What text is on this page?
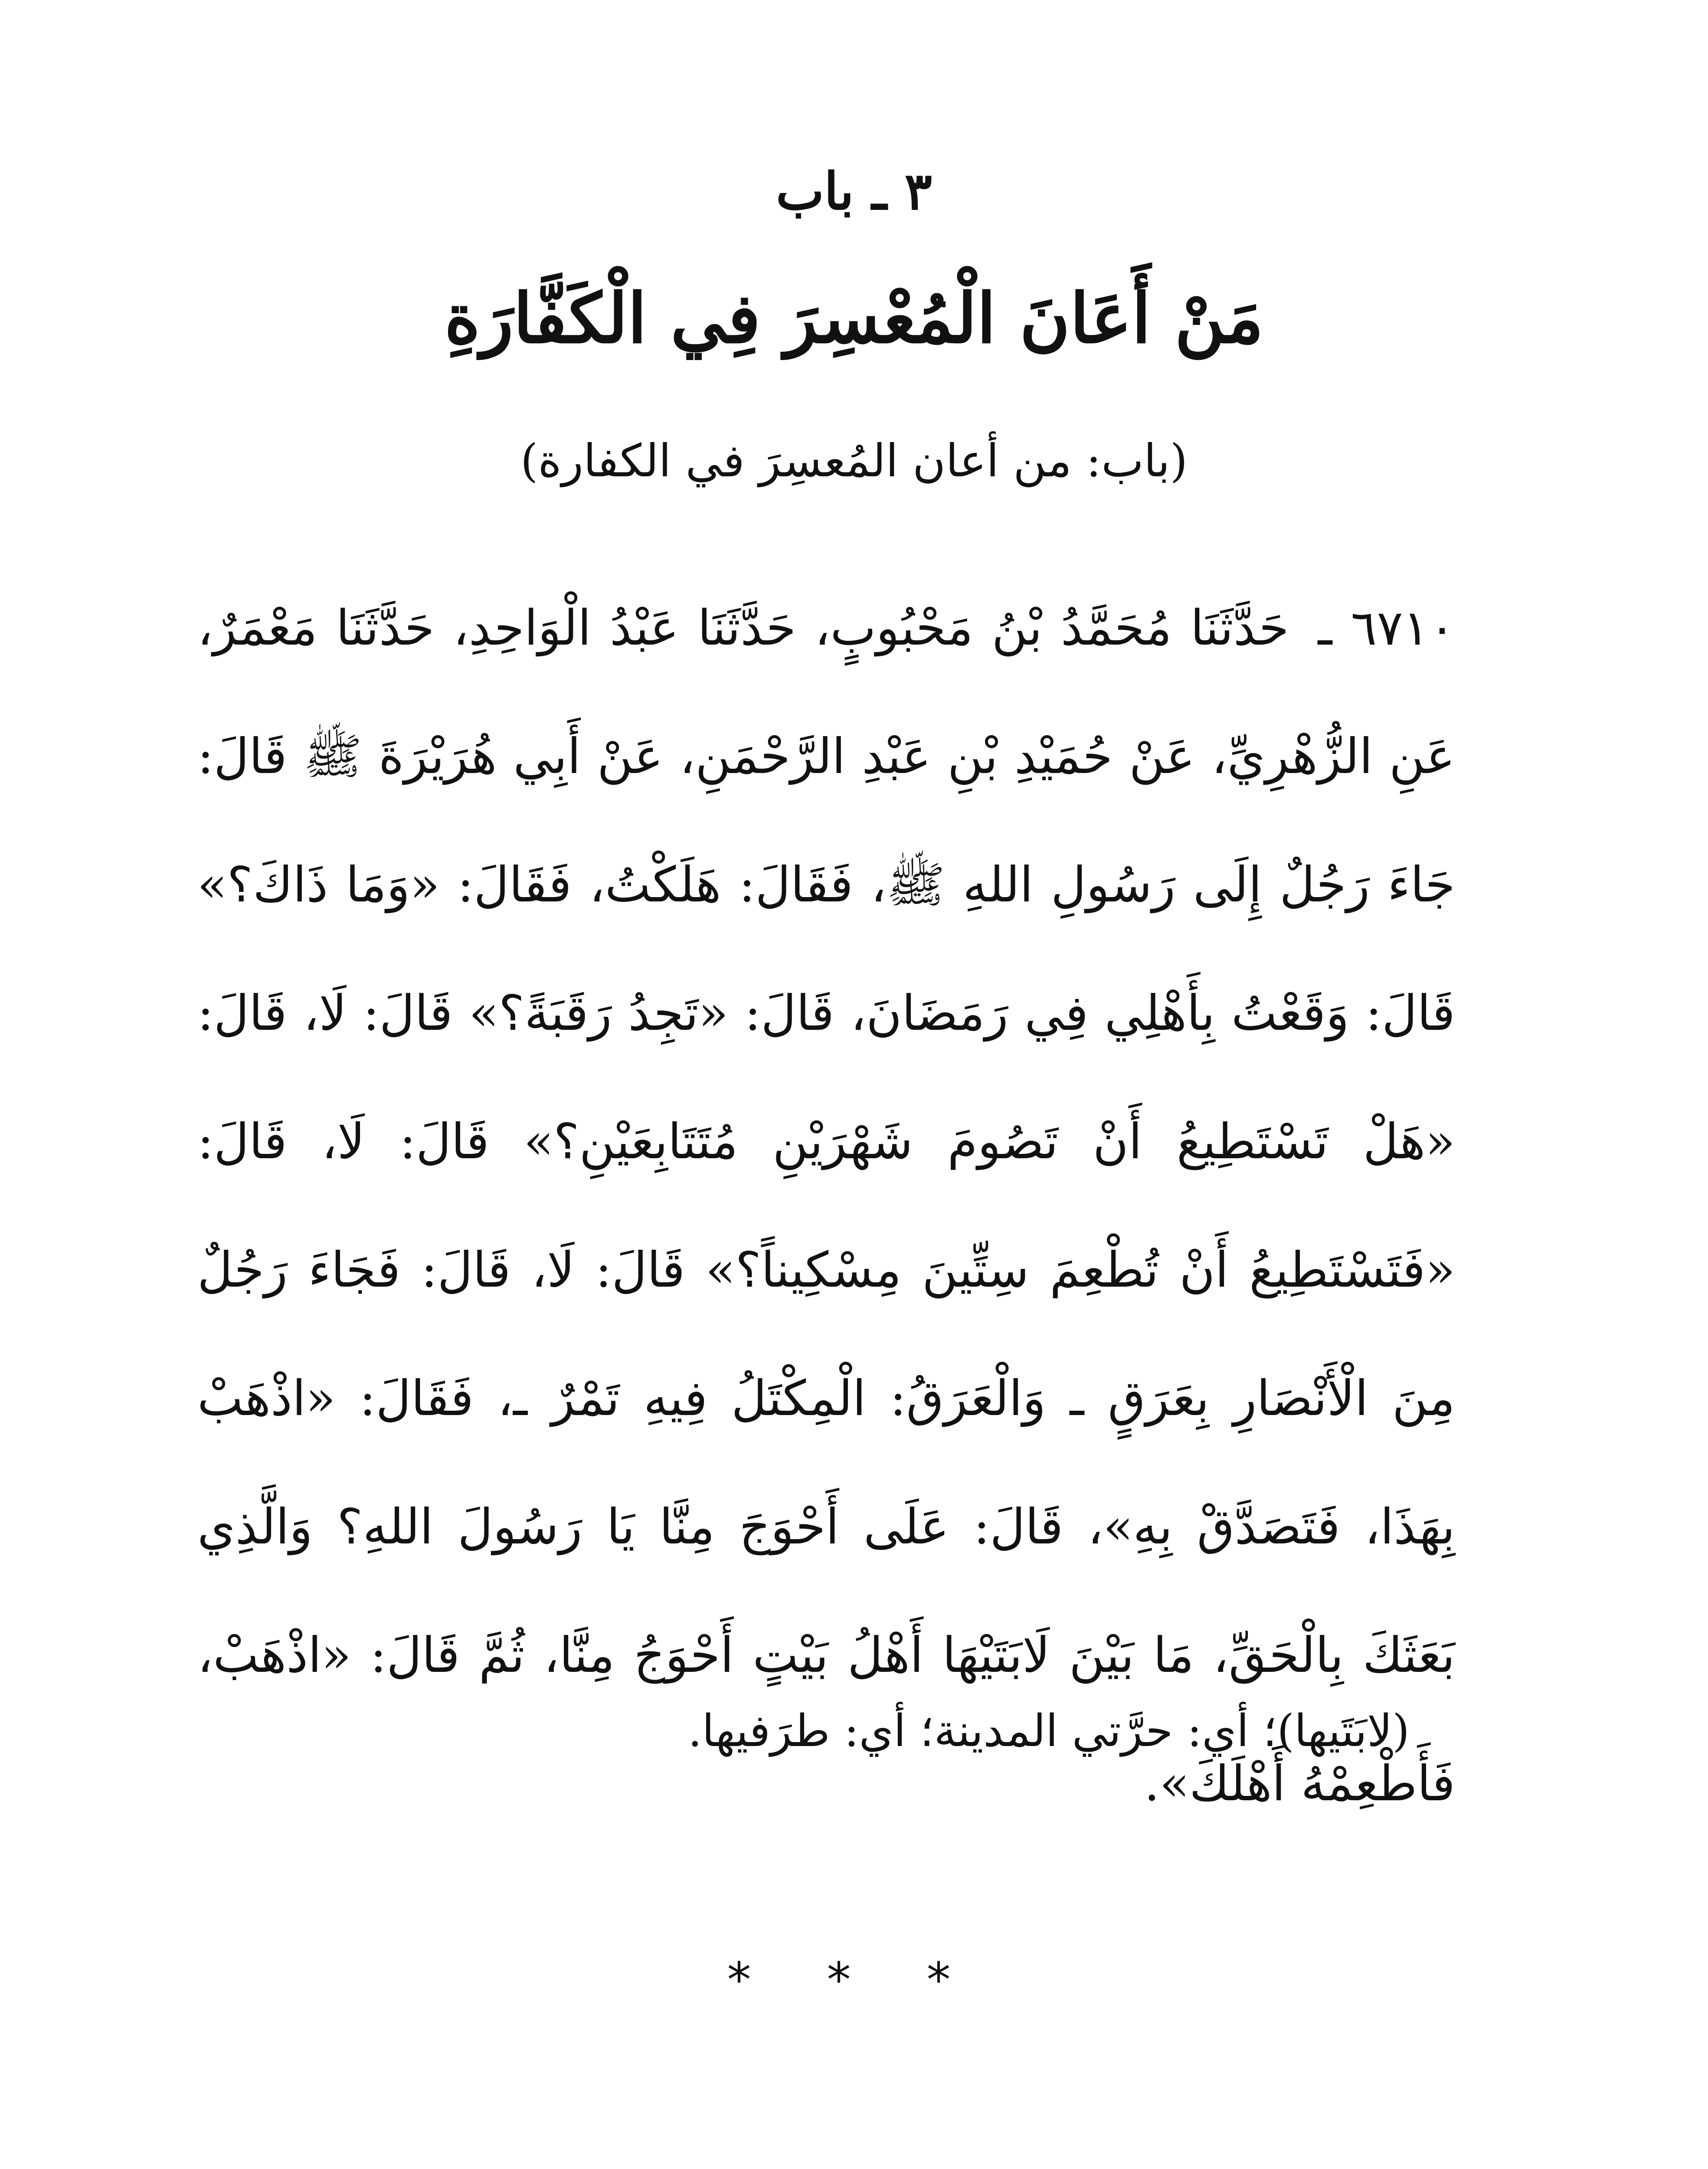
٣ ـ باب
مَنْ أَعَانَ الْمُعْسِرَ فِي الْكَفَّارَةِ
(باب: من أعان المُعسِرَ في الكفارة)
٦٧١٠ ـ حَدَّثَنَا مُحَمَّدُ بْنُ مَحْبُوبٍ، حَدَّثَنَا عَبْدُ الْوَاحِدِ، حَدَّثَنَا مَعْمَرٌ، عَنِ الزُّهْرِيِّ، عَنْ حُمَيْدِ بْنِ عَبْدِ الرَّحْمَنِ، عَنْ أَبِي هُرَيْرَةَ ﷺ قَالَ: جَاءَ رَجُلٌ إِلَى رَسُولِ اللهِ ﷺ، فَقَالَ: هَلَكْتُ، فَقَالَ: «وَمَا ذَاكَ؟» قَالَ: وَقَعْتُ بِأَهْلِي فِي رَمَضَانَ، قَالَ: «تَجِدُ رَقَبَةً؟» قَالَ: لَا، قَالَ: «هَلْ تَسْتَطِيعُ أَنْ تَصُومَ شَهْرَيْنِ مُتَتَابِعَيْنِ؟» قَالَ: لَا، قَالَ: «فَتَسْتَطِيعُ أَنْ تُطْعِمَ سِتِّينَ مِسْكِيناً؟» قَالَ: لَا، قَالَ: فَجَاءَ رَجُلٌ مِنَ الْأَنْصَارِ بِعَرَقٍ ـ وَالْعَرَقُ: الْمِكْتَلُ فِيهِ تَمْرٌ ـ، فَقَالَ: «اذْهَبْ بِهَذَا، فَتَصَدَّقْ بِهِ»، قَالَ: عَلَى أَحْوَجَ مِنَّا يَا رَسُولَ اللهِ؟ وَالَّذِي بَعَثَكَ بِالْحَقِّ، مَا بَيْنَ لَابَتَيْهَا أَهْلُ بَيْتٍ أَحْوَجُ مِنَّا، ثُمَّ قَالَ: «اذْهَبْ، فَأَطْعِمْهُ أَهْلَكَ».
(لابَتَيها)؛ أي: حرَّتي المدينة؛ أي: طرَفيها.
* * *
